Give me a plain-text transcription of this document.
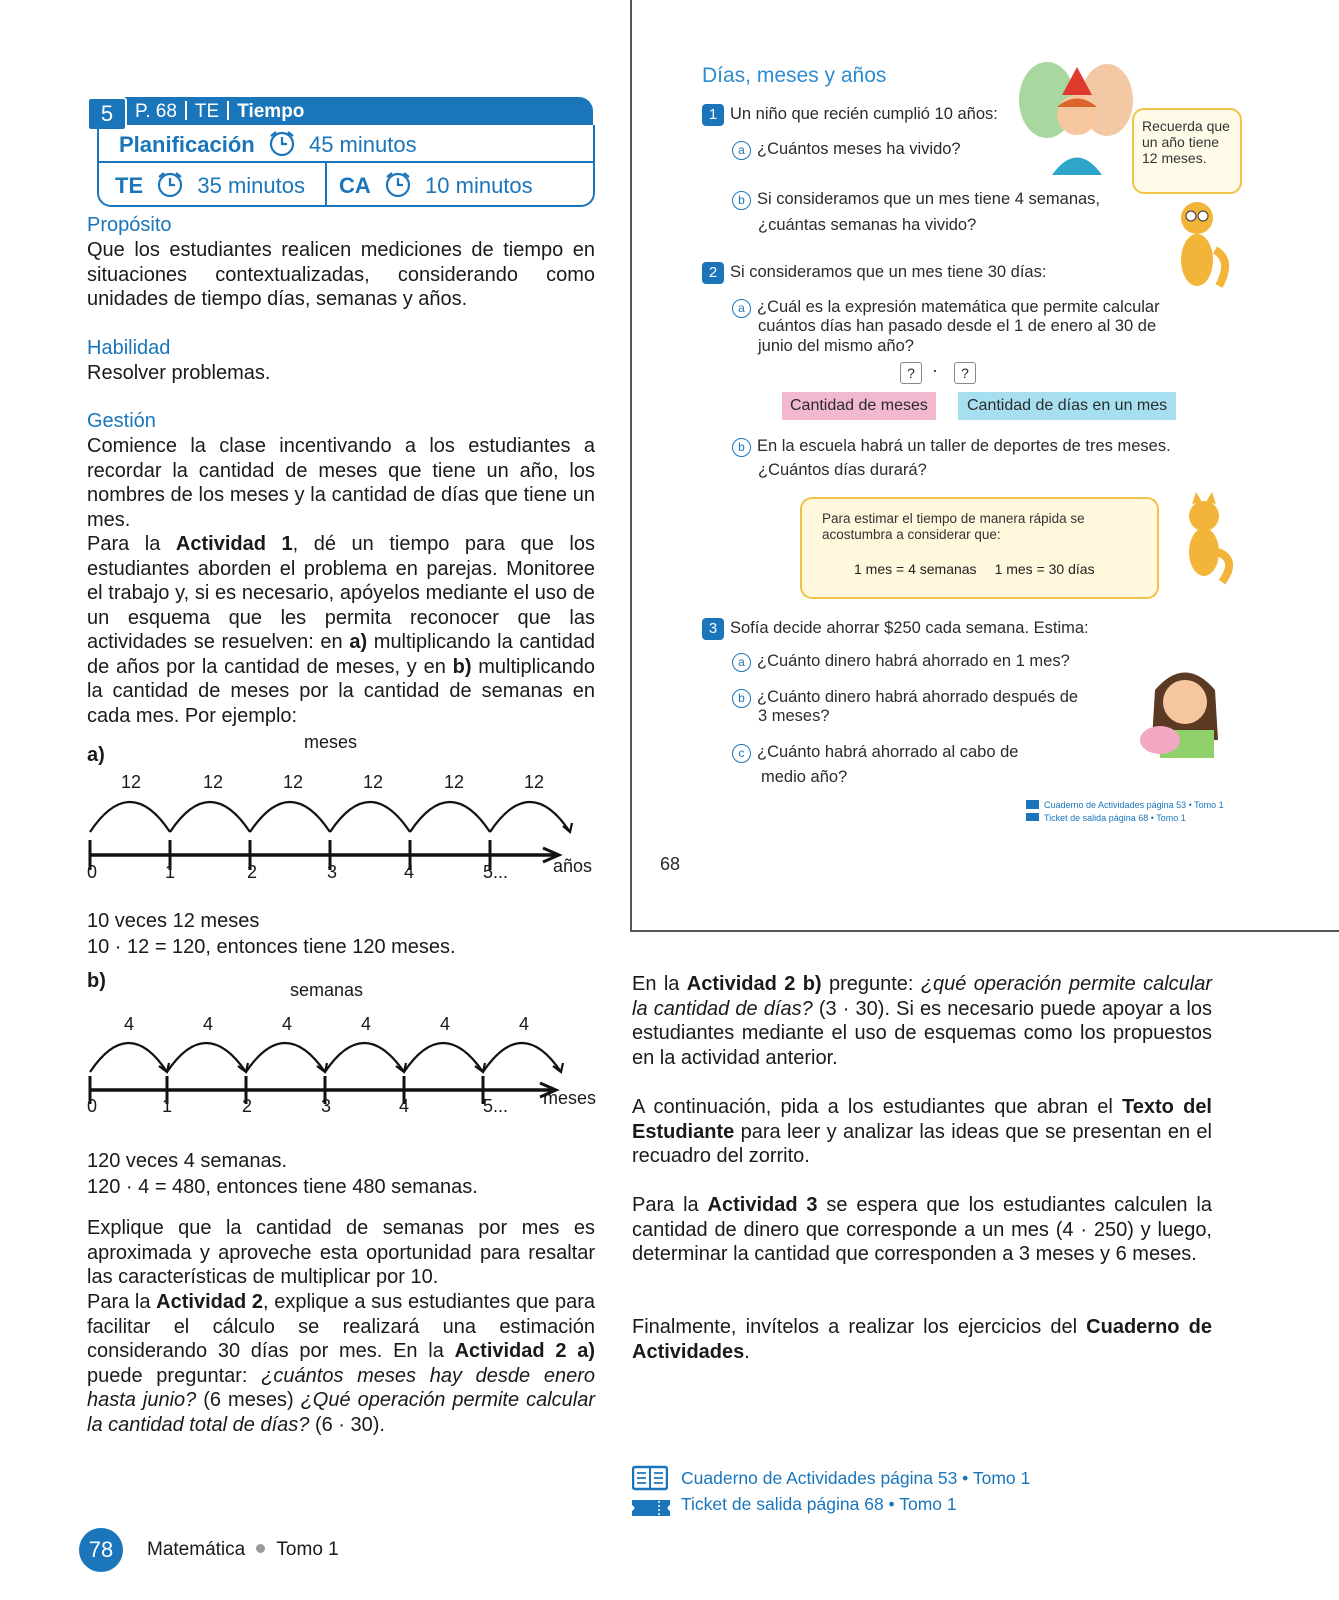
5	P. 68 TE Tiempo
Planificación 45 minutos
TE 35 minutos CA 10 minutos
Propósito
Que los estudiantes realicen mediciones de tiempo en situaciones contextualizadas, considerando como unidades de tiempo días, semanas y años.
Habilidad
Resolver problemas.
Gestión
Comience la clase incentivando a los estudiantes a recordar la cantidad de meses que tiene un año, los nombres de los meses y la cantidad de días que tiene un mes.
Para la Actividad 1, dé un tiempo para que los estudiantes aborden el problema en parejas. Monitoree el trabajo y, si es necesario, apóyelos mediante el uso de un esquema que les permita reconocer que las actividades se resuelven: en a) multiplicando la cantidad de años por la cantidad de meses, y en b) multiplicando la cantidad de meses por la cantidad de semanas en cada mes. Por ejemplo:
a)
meses
12	12	12	12	12	12
0	1	2	3	4	5... años
10 veces 12 meses
10 · 12 = 120, entonces tiene 120 meses.
b)	semanas
4	4	4	4	4	4
0	1	2	3	4	5... meses
120 veces 4 semanas.
120 · 4 = 480, entonces tiene 480 semanas.
Explique que la cantidad de semanas por mes es aproximada y aproveche esta oportunidad para resaltar las características de multiplicar por 10.
Para la Actividad 2, explique a sus estudiantes que para facilitar el cálculo se realizará una estimación considerando 30 días por mes. En la Actividad 2 a) puede preguntar: ¿cuántos meses hay desde enero hasta junio? (6 meses) ¿Qué operación permite calcular la cantidad total de días? (6 · 30).
Días, meses y años
1 Un niño que recién cumplió 10 años:
a ¿Cuántos meses ha vivido?
b Si consideramos que un mes tiene 4 semanas,
¿cuántas semanas ha vivido?
Recuerda que
un año tiene
12 meses.
2 Si consideramos que un mes tiene 30 días:
a ¿Cuál es la expresión matemática que permite calcular
cuántos días han pasado desde el 1 de enero al 30 de
junio del mismo año?
? ·	?
Cantidad de meses	Cantidad de días en un mes
b En la escuela habrá un taller de deportes de tres meses.
¿Cuántos días durará?
Para estimar el tiempo de manera rápida se
acostumbra a considerar que:
1 mes = 4 semanas 1 mes = 30 días
3 Sofía decide ahorrar $250 cada semana. Estima:
a ¿Cuánto dinero habrá ahorrado en 1 mes?
b ¿Cuánto dinero habrá ahorrado después de
3 meses?
c ¿Cuánto habrá ahorrado al cabo de
medio año?
Cuaderno de Actividades página 53 • Tomo 1
Ticket de salida página 68 • Tomo 1
68
En la Actividad 2 b) pregunte: ¿qué operación permite calcular la cantidad de días? (3 · 30). Si es necesario puede apoyar a los estudiantes mediante el uso de esquemas como los propuestos en la actividad anterior.
A continuación, pida a los estudiantes que abran el Texto del Estudiante para leer y analizar las ideas que se presentan en el recuadro del zorrito.
Para la Actividad 3 se espera que los estudiantes calculen la cantidad de dinero que corresponde a un mes (4 · 250) y luego, determinar la cantidad que corresponden a 3 meses y 6 meses.
Finalmente, invítelos a realizar los ejercicios del Cuaderno de Actividades.
Cuaderno de Actividades página 53 • Tomo 1
Ticket de salida página 68 • Tomo 1
78	Matemática Tomo 1
